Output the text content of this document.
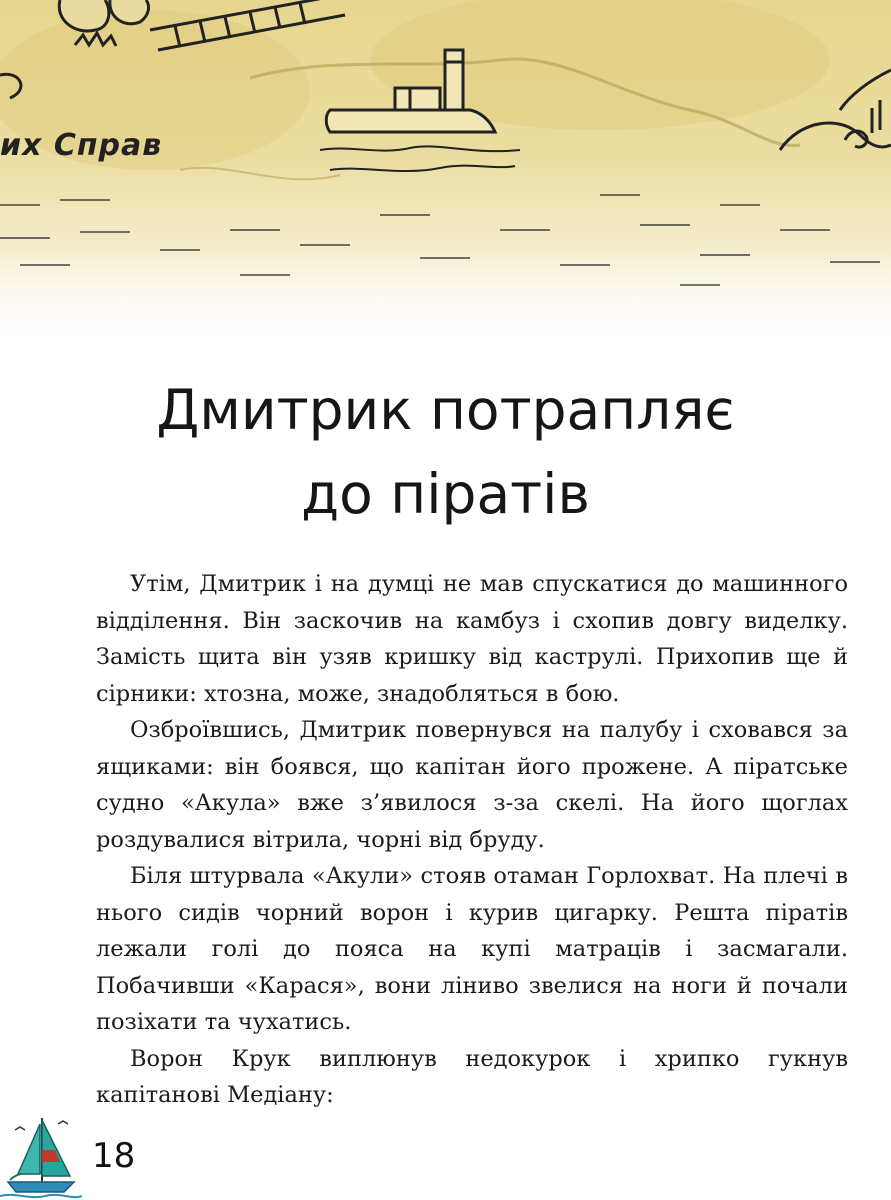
их Справ
Дмитрик потрапляє
до піратів

Утім, Дмитрик і на думці не мав спускатися до машинного відділення. Він заскочив на камбуз і схопив довгу виделку. Замість щита він узяв кришку від каструлі. Прихопив ще й сірники: хтозна, може, знадобляться в бою.

Озброївшись, Дмитрик повернувся на палубу і сховався за ящиками: він боявся, що капітан його прожене. А піратське судно «Акула» вже з’явилося з-за скелі. На його щоглах роздувалися вітрила, чорні від бруду.

Біля штурвала «Акули» стояв отаман Горлохват. На плечі в нього сидів чорний ворон і курив цигарку. Решта піратів лежали голі до пояса на купі матраців і засмагали. Побачивши «Карася», вони ліниво звелися на ноги й почали позіхати та чухатись.

Ворон Крук виплюнув недокурок і хрипко гукнув капітанові Медіану:

18
